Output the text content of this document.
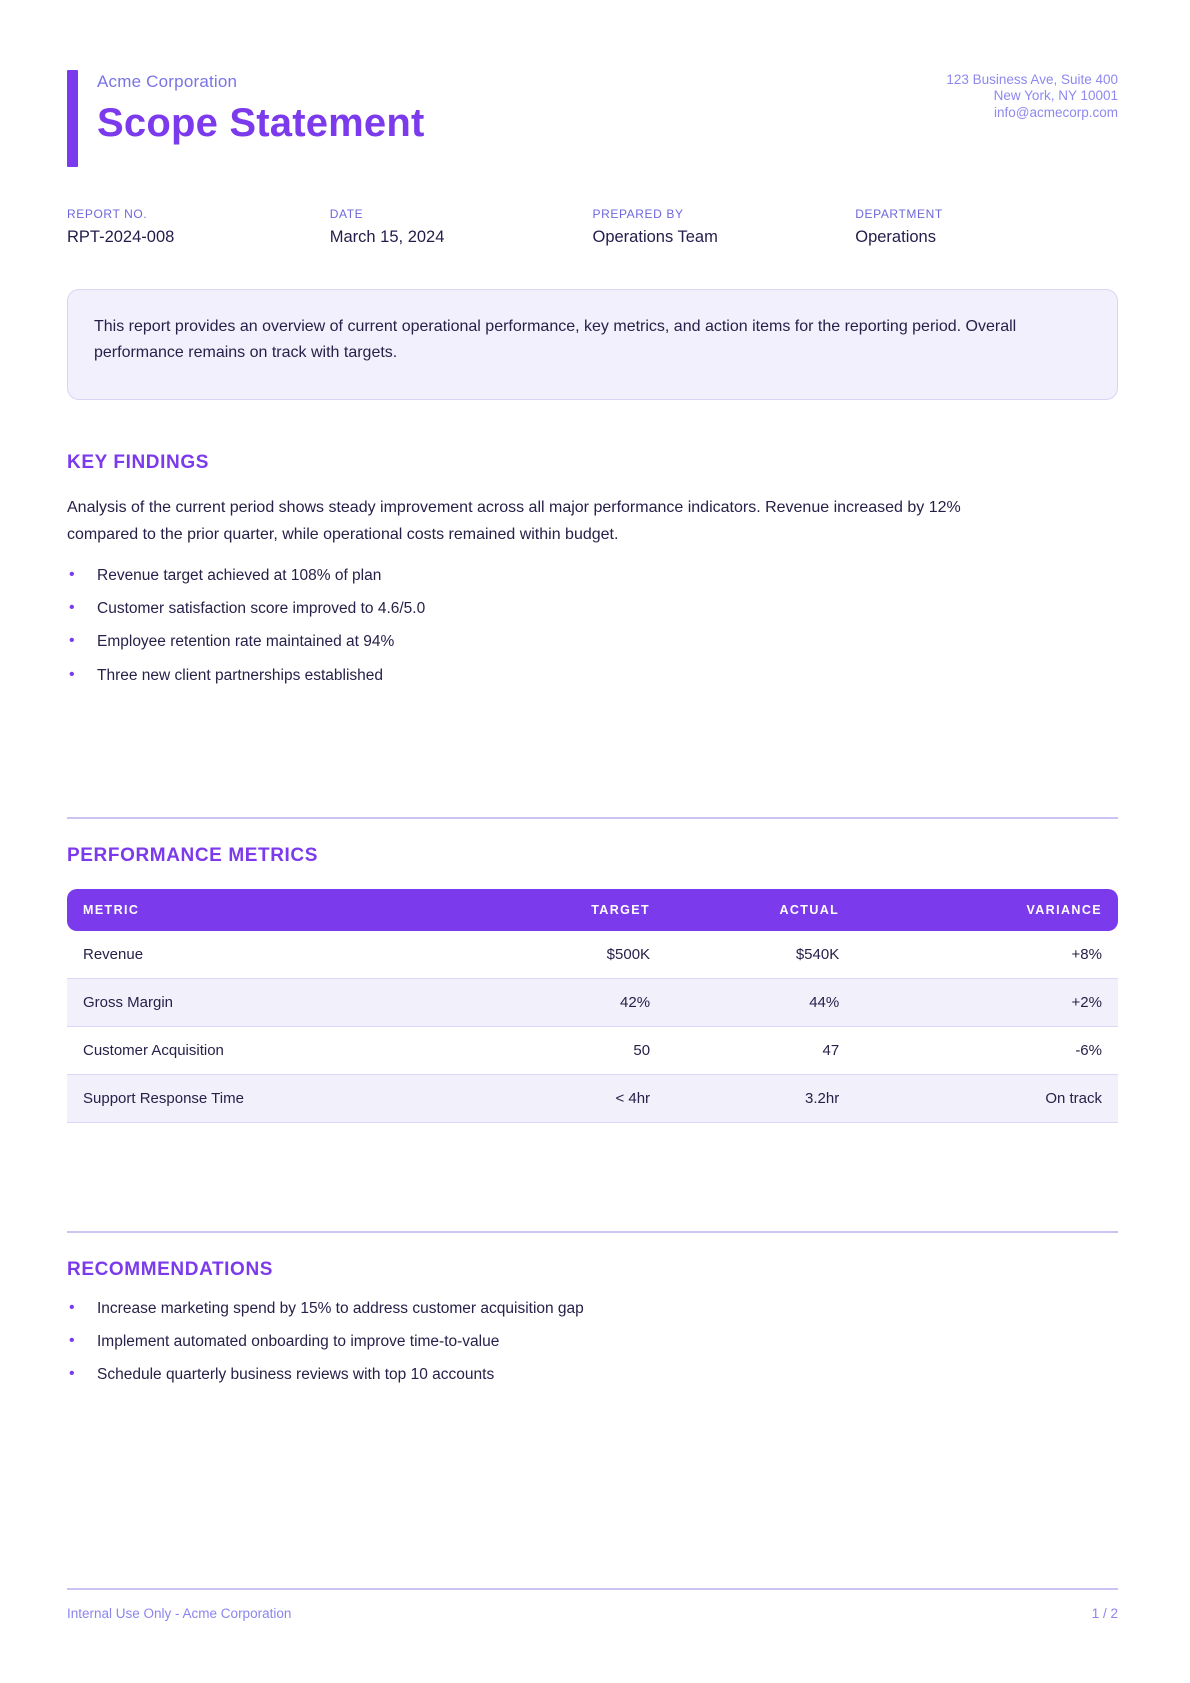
Acme Corporation
Scope Statement
123 Business Ave, Suite 400
New York, NY 10001
info@acmecorp.com
REPORT NO.
RPT-2024-008
DATE
March 15, 2024
PREPARED BY
Operations Team
DEPARTMENT
Operations
This report provides an overview of current operational performance, key metrics, and action items for the reporting period. Overall performance remains on track with targets.
KEY FINDINGS
Analysis of the current period shows steady improvement across all major performance indicators. Revenue increased by 12% compared to the prior quarter, while operational costs remained within budget.
• Revenue target achieved at 108% of plan
• Customer satisfaction score improved to 4.6/5.0
• Employee retention rate maintained at 94%
• Three new client partnerships established
PERFORMANCE METRICS
METRIC	TARGET	ACTUAL	VARIANCE
Revenue	$500K	$540K	+8%
Gross Margin	42%	44%	+2%
Customer Acquisition	50	47	-6%
Support Response Time	< 4hr	3.2hr	On track
RECOMMENDATIONS
• Increase marketing spend by 15% to address customer acquisition gap
• Implement automated onboarding to improve time-to-value
• Schedule quarterly business reviews with top 10 accounts
Internal Use Only - Acme Corporation	1 / 2
